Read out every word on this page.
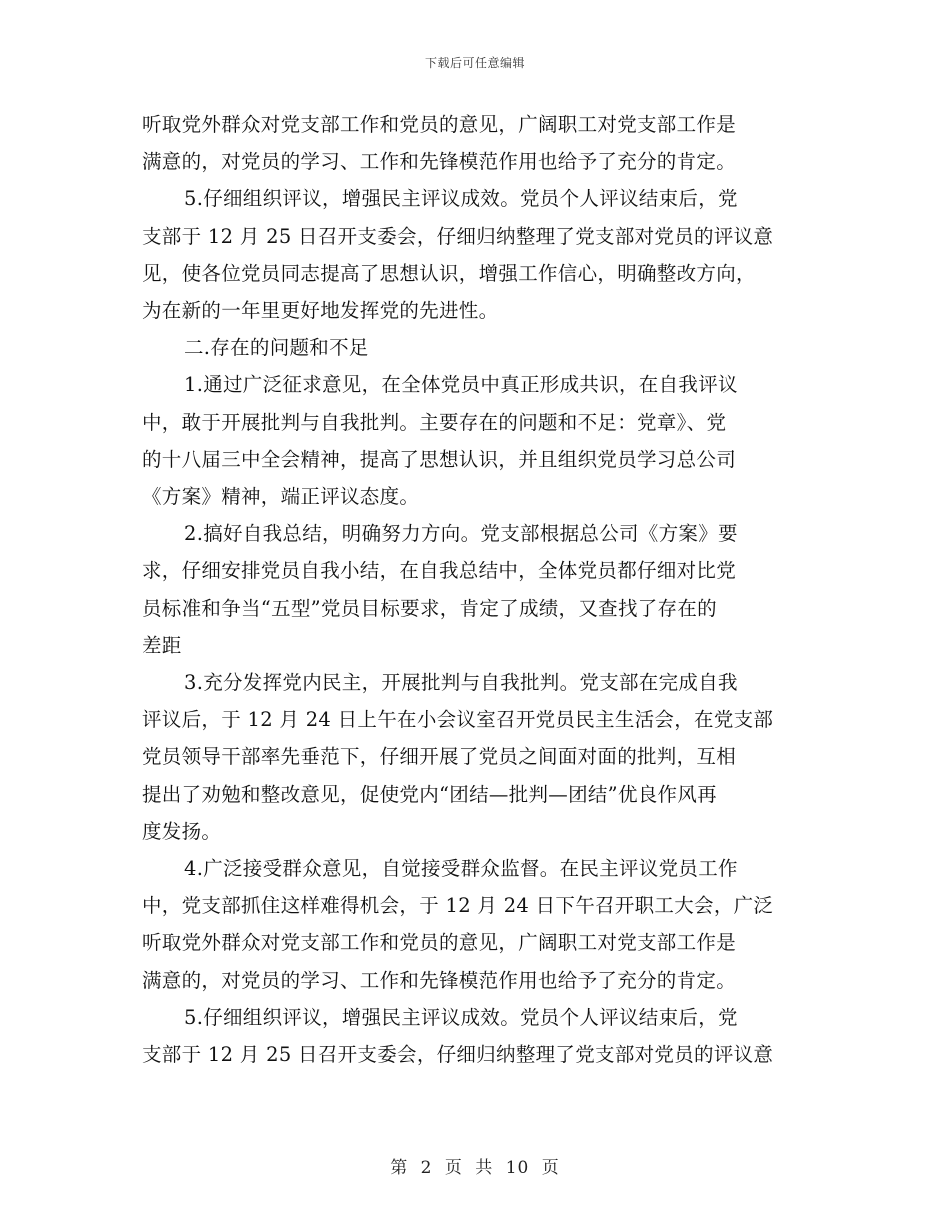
下载后可任意编辑
听取党外群众对党支部工作和党员的意见，广阔职工对党支部工作是
满意的，对党员的学习、工作和先锋模范作用也给予了充分的肯定。
5.仔细组织评议，增强民主评议成效。党员个人评议结束后，党
支部于 12 月 25 日召开支委会，仔细归纳整理了党支部对党员的评议意
见，使各位党员同志提高了思想认识，增强工作信心，明确整改方向，
为在新的一年里更好地发挥党的先进性。
二.存在的问题和不足
1.通过广泛征求意见，在全体党员中真正形成共识，在自我评议
中，敢于开展批判与自我批判。主要存在的问题和不足：党章》、党
的十八届三中全会精神，提高了思想认识，并且组织党员学习总公司
《方案》精神，端正评议态度。
2.搞好自我总结，明确努力方向。党支部根据总公司《方案》要
求，仔细安排党员自我小结，在自我总结中，全体党员都仔细对比党
员标准和争当“五型”党员目标要求，肯定了成绩，又查找了存在的
差距
3.充分发挥党内民主，开展批判与自我批判。党支部在完成自我
评议后，于 12 月 24 日上午在小会议室召开党员民主生活会，在党支部
党员领导干部率先垂范下，仔细开展了党员之间面对面的批判，互相
提出了劝勉和整改意见，促使党内“团结—批判—团结”优良作风再
度发扬。
4.广泛接受群众意见，自觉接受群众监督。在民主评议党员工作
中，党支部抓住这样难得机会，于 12 月 24 日下午召开职工大会，广泛
听取党外群众对党支部工作和党员的意见，广阔职工对党支部工作是
满意的，对党员的学习、工作和先锋模范作用也给予了充分的肯定。
5.仔细组织评议，增强民主评议成效。党员个人评议结束后，党
支部于 12 月 25 日召开支委会，仔细归纳整理了党支部对党员的评议意
第 2 页 共 10 页
